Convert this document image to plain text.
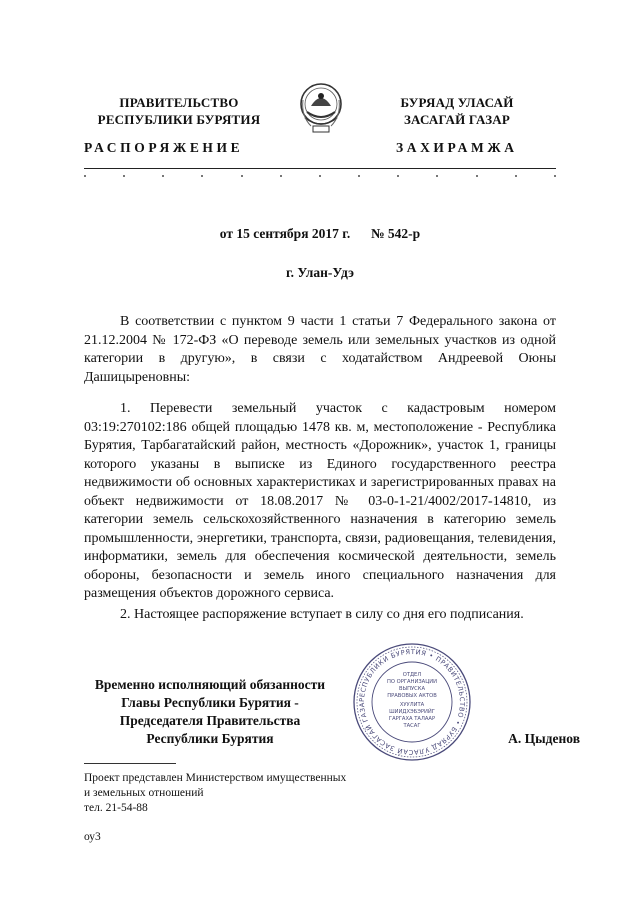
ПРАВИТЕЛЬСТВО
РЕСПУБЛИКИ БУРЯТИЯ
БУРЯАД УЛАСАЙ
ЗАСАГАЙ ГАЗАР
РАСПОРЯЖЕНИЕ	ЗАХИРАМЖА
от 15 сентября 2017 г. № 542-р
г. Улан-Удэ
В соответствии с пунктом 9 части 1 статьи 7 Федерального закона от 21.12.2004 № 172-ФЗ «О переводе земель или земельных участков из одной категории в другую», в связи с ходатайством Андреевой Оюны Дашицыреновны:
1. Перевести земельный участок с кадастровым номером 03:19:270102:186 общей площадью 1478 кв. м, местоположение - Республика Бурятия, Тарбагатайский район, местность «Дорожник», участок 1, границы которого указаны в выписке из Единого государственного реестра недвижимости об основных характеристиках и зарегистрированных правах на объект недвижимости от 18.08.2017 № 03-0-1-21/4002/2017-14810, из категории земель сельскохозяйственного назначения в категорию земель промышленности, энергетики, транспорта, связи, радиовещания, телевидения, информатики, земель для обеспечения космической деятельности, земель обороны, безопасности и земель иного специального назначения для размещения объектов дорожного сервиса.
2. Настоящее распоряжение вступает в силу со дня его подписания.
Временно исполняющий обязанности
Главы Республики Бурятия -
Председателя Правительства
Республики Бурятия
РЕСПУБЛИКИ БУРЯТИЯ • ПРАВИТЕЛЬСТВО • БУРЯАД УЛАСАЙ ЗАСАГАЙ ГАЗА
ОТДЕЛ
ПО ОРГАНИЗАЦИИ
ВЫПУСКА
ПРАВОВЫХ АКТОВ
ХУУЛИТА
ШИИДХЭБЭРИЙГ
ГАРГАХА ТАЛААР
ТАСАГ
А. Цыденов
Проект представлен Министерством имущественных
и земельных отношений
тел. 21-54-88
оу3
